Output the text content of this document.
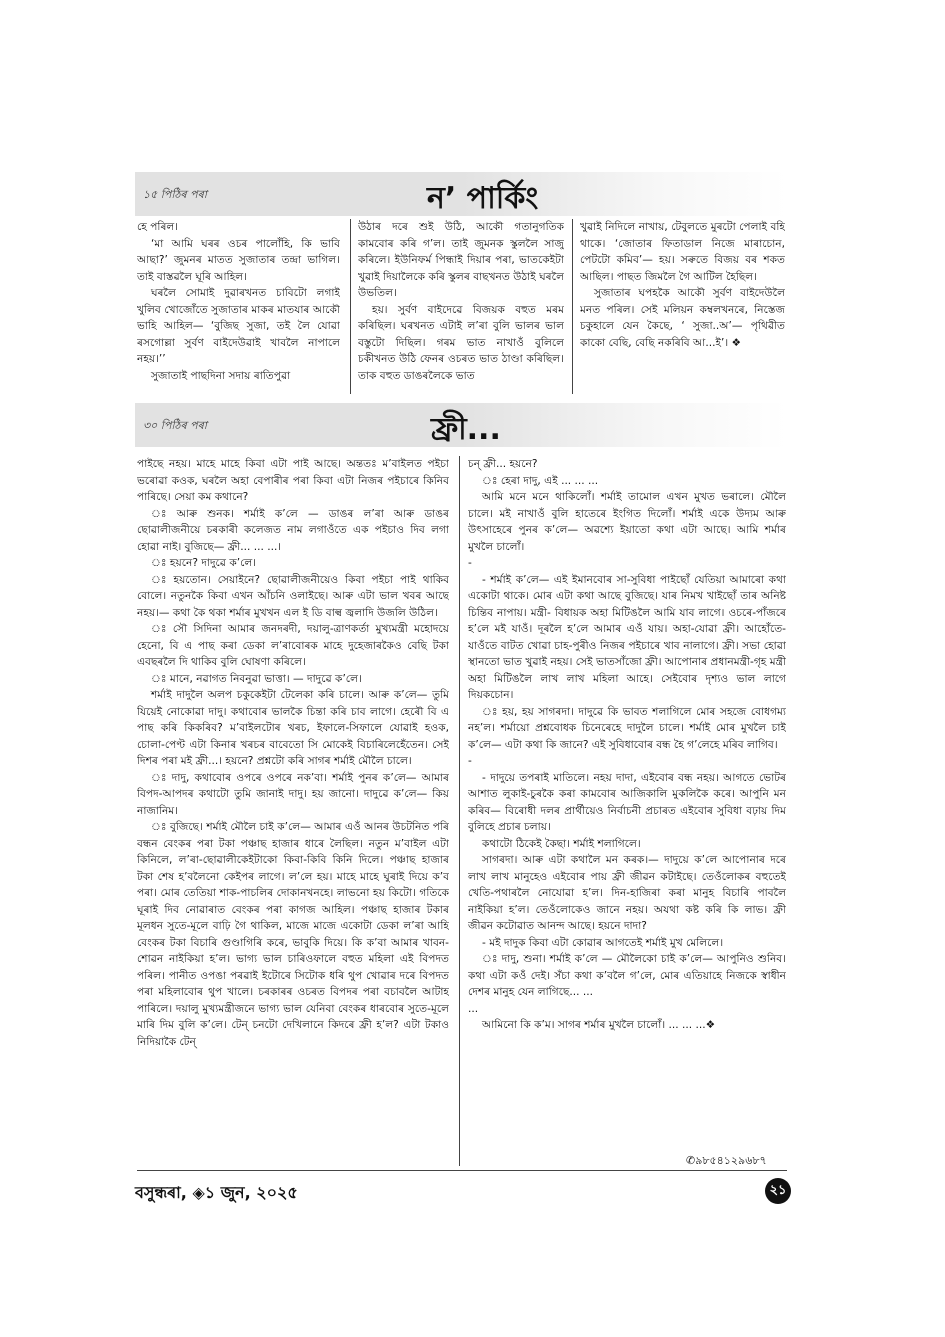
১৫ পিঠিৰ পৰা	ন’ পাৰ্কিং

হে পৰিল।

‘মা আমি ঘৰৰ ওচৰ পালোঁহি, কি ভাবি আছা?’ জুমনৰ মাতত সুজাতাৰ তন্দ্ৰা ভাগিল। তাই বাস্তৱলৈ ঘূৰি আহিল।

ঘৰলৈ সোমাই দুৱাৰখনত চাবিটো লগাই খুলিব খোজোঁতে সুজাতাৰ মাকৰ মাতযাৰ আকৌ ভাহি আহিল— ‘বুজিছ সুজা, তই লৈ যোৱা ৰসগোল্লা সুৰ্বণ বাইদেউৱাই খাবলৈ নাপালে নহয়।’’

সুজাতাই পাছদিনা সদায় ৰাতিপুৱা

উঠাৰ দৰে শুই উঠি, আকৌ গতানুগতিক কামবোৰ কৰি গ’ল। তাই জুমনক স্কুললৈ সাজু কৰিলে। ইউনিফৰ্ম পিন্ধাই দিয়াৰ পৰা, ভাতকেইটা খুৱাই দিয়ালৈকে কৰি স্কুলৰ বাছখনত উঠাই ঘৰলৈ উভতিল।

হয়। সুৰ্বণ বাইদেৱে বিজয়ক বহুত মৰম কৰিছিল। ঘৰখনত এটাই ল’ৰা বুলি ভালৰ ভাল বস্তুটো দিছিল। গৰম ভাত নাখাওঁ বুলিলে চকীখনত উঠি ফেনৰ ওচৰত ভাত ঠাণ্ডা কৰিছিল। তাক বহুত ডাঙৰলৈকে ভাত

খুৱাই নিদিলে নাখায়, টেবুলতে মুৰটো পেলাই বহি থাকে। ‘জোতাৰ ফিতাডাল নিজে মাৰাচোন, পেটটো কমিব’— হয়। সৰুতে বিজয় বৰ শকত আছিল। পাছত জিমলৈ গৈ আটিল হৈছিল।

সুজাতাৰ ঘপহকৈ আকৌ সুৰ্বণ বাইদেউলৈ মনত পৰিল। সেই মলিয়ন কম্বলখনৰে, নিস্তেজ চকুহালে যেন কৈছে, ‘ সুজা..অ’— পৃথিৱীত কাকো বেছি, বেছি নকৰিবি আ...ই’। ❖

৩০ পিঠিৰ পৰা	ফ্ৰী...

পাইছে নহয়। মাহে মাহে কিবা এটা পাই আছে। অন্ততঃ মʼবাইলত পইচা ভৰোৱা কওক, ঘৰলৈ অহা বেপাৰীৰ পৰা কিবা এটা নিজৰ পইচাৰে কিনিব পাৰিছে। সেয়া কম কথানে?

ঃ আৰু শুনক। শৰ্মাই ক’লে — ডাঙৰ ল’ৰা আৰু ডাঙৰ ছোৱালীজনীয়ে চৰকাৰী কলেজত নাম লগাওঁতে এক পইচাও দিব লগা হোৱা নাই। বুজিছে— ফ্ৰী... ... ...।

ঃ হয়নে? দাদুৱে ক’লে।

ঃ হয়তোন। সেয়াইনে? ছোৱালীজনীয়েও কিবা পইচা পাই থাকিব বোলে। নতুনকৈ কিবা এখন আঁচনি ওলাইছে। আৰু এটা ভাল খবৰ আছে নহয়।— কথা কৈ থকা শৰ্মাৰ মুখখন এল ই ডি বাল্ব জ্বলাদি উজলি উঠিল।

ঃ সৌ সিদিনা আমাৰ জনদৰদী, দয়ালু-ত্ৰাণকৰ্তা মুখ্যমন্ত্ৰী মহোদয়ে হেনো, বি এ পাছ কৰা ডেকা ল’ৰাবোৰক মাহে দুহেজাৰকৈও বেছি টকা এবছৰলৈ দি থাকিব বুলি ঘোষণা কৰিলে।

ঃ মানে, নৱাগত নিবনুৱা ভাত্তা। — দাদুৱে ক’লে।

শৰ্মাই দাদুলৈ অলপ চকুকেইটা টেলেকা কৰি চালে। আৰু ক’লে— তুমি যিয়েই নোকোৱা দাদু। কথাবোৰ ভালকৈ চিন্তা কৰি চাব লাগে। হেৰৌ বি এ পাছ কৰি কিকৰিব? মʼবাইলটোৰ খৰচ, ইফালে-সিফালে যোৱাই হওক, চোলা-পেণ্ট এটা কিনাৰ খৰচৰ বাবেতো সি মোকেই বিচাৰিলেহেঁতেন। সেই দিশৰ পৰা মই ফ্ৰী...। হয়নে? প্ৰশ্নটো কৰি সাগৰ শৰ্মাই মৌলৈ চালে।

ঃ দাদু, কথাবোৰ ওপৰে ওপৰে নক’বা। শৰ্মাই পুনৰ ক’লে— আমাৰ বিপদ-আপদৰ কথাটো তুমি জানাই দাদু। হয় জানো। দাদুৱে ক’লে— কিয় নাজানিম।

ঃ বুজিছে। শৰ্মাই মৌলৈ চাই ক’লে— আমাৰ এওঁ আনৰ উচটনিত পৰি বন্ধন বেংকৰ পৰা টকা পঞ্চাছ হাজাৰ ধাৰে লৈছিল। নতুন মʼবাইল এটা কিনিলে, ল’ৰা-ছোৱালীকেইটাকো কিবা-কিবি কিনি দিলে। পঞ্চাছ হাজাৰ টকা শেষ হ’বলৈনো কেইপৰ লাগে। ল’লে হয়। মাহে মাহে ঘুৰাই দিয়ে ক’ব পৰা। মোৰ তেতিয়া শাক-পাচলিৰ দোকানখনহে। লাভনো হয় কিটো। গতিকে ঘূৰাই দিব নোৱাৰাত বেংকৰ পৰা কাগজ আহিল। পঞ্চাছ হাজাৰ টকাৰ মূলধন সুতে-মূলে বাঢ়ি গৈ থাকিল, মাজে মাজে একোটা ডেকা ল’ৰা আহি বেংকৰ টকা বিচাৰি গুণ্ডাগিৰি কৰে, ভাবুকি দিয়ে। কি ক’বা আমাৰ খাবন-শোৱন নাইকিয়া হ’ল। ভাগ্য ভাল চাৰিওফালে বহুত মহিলা এই বিপদত পৰিল। পানীত ওপঙা পৰৱাই ইটোৰে সিটোক ধৰি থুপ খোৱাৰ দৰে বিপদত পৰা মহিলাবোৰ থুপ খালে। চৰকাৰৰ ওচৰত বিপদৰ পৰা বচাবলৈ আটাহ পাৰিলে। দয়ালু মুখ্যমন্ত্ৰীজনে ভাগ্য ভাল যেনিবা বেংকৰ ধাৰবোৰ সুতে-মূলে মাৰি দিম বুলি ক’লে। টেন্‌ চনটো দেখিলানে কিদৰে ফ্ৰী হ’ল? এটা টকাও নিদিয়াকৈ টেন্

চন্‌ ফ্ৰী... হয়নে?

ঃ হেৰা দাদু, এই ... ... ...

আমি মনে মনে থাকিলোঁ। শৰ্মাই তামোল এখন মুখত ভৰালে। মৌলৈ চালে। মই নাখাওঁ বুলি হাতেৰে ইংগিত দিলোঁ। শৰ্মাই একে উদ্যম আৰু উৎসাহেৰে পুনৰ ক’লে— অৱশ্যে ইয়াতো কথা এটা আছে। আমি শৰ্মাৰ মুখলৈ চালোঁ।

-

- শৰ্মাই ক’লে— এই ইমানবোৰ সা-সুবিধা পাইছোঁ যেতিয়া আমাৰো কথা একোটা থাকে। মোৰ এটা কথা আছে বুজিছে। যাৰ নিমখ খাইছোঁ তাৰ অনিষ্ট চিন্তিব নাপায়। মন্ত্ৰী- বিধায়ক অহা মিটিঙলৈ আমি যাব লাগে। ওচৰে-পাঁজৰে হ’লে মই যাওঁ। দূৰলৈ হ’লে আমাৰ এওঁ যায়। অহা-যোৱা ফ্ৰী। আহোঁতে-যাওঁতে বাটত খোৱা চাহ-পুৰীও নিজৰ পইচাৰে খাব নালাগে। ফ্ৰী। সভা হোৱা স্থানতো ভাত খুৱাই নহয়। সেই ভাতসাঁজো ফ্ৰী। আপোনাৰ প্ৰধানমন্ত্ৰী-গৃহ মন্ত্ৰী অহা মিটিঙলৈ লাখ লাখ মহিলা আহে। সেইবোৰ দৃশ্যও ভাল লাগে দিয়কচোন।

ঃ হয়, হয় সাগৰদা। দাদুৱে কি ভাবত শলাগিলে মোৰ সহজে বোধগম্য নহ’ল। শৰ্মায়ো প্ৰশ্নবোধক চিনেৰেহে দাদুলৈ চালে। শৰ্মাই মোৰ মুখলৈ চাই ক’লে— এটা কথা কি জানে? এই সুবিধাবোৰ বন্ধ হৈ গ’লেহে মৰিব লাগিব।

-

- দাদুয়ে তপৰাই মাতিলে। নহয় দাদা, এইবোৰ বন্ধ নহয়। আগতে ভোটৰ আশাত লুকাই-চুৰকৈ কৰা কামবোৰ আজিকালি মুকলিকৈ কৰে। আপুনি মন কৰিব— বিৰোধী দলৰ প্ৰাৰ্থীয়েও নিৰ্বাচনী প্ৰচাৰত এইবোৰ সুবিধা বঢ়ায় দিম বুলিহে প্ৰচাৰ চলায়।

কথাটো ঠিকেই কৈছা। শৰ্মাই শলাগিলে।

সাগৰদা। আৰু এটা কথালৈ মন কৰক।— দাদুয়ে ক’লে আপোনাৰ দৰে লাখ লাখ মানুহেও এইবোৰ পায় ফ্ৰী জীৱন কটাইছে। তেওঁলোকৰ বহুতেই খেতি-পথাৰলৈ নোযোৱা হ’ল। দিন-হাজিৰা কৰা মানুহ বিচাৰি পাবলৈ নাইকিয়া হ’ল। তেওঁলোকেও জানে নহয়। অযথা কষ্ট কৰি কি লাভ। ফ্ৰী জীৱন কটোৱাত আনন্দ আছে। হয়নে দাদা?

- মই দাদুক কিবা এটা কোৱাৰ আগতেই শৰ্মাই মুখ মেলিলে।

ঃ দাদু, শুনা। শৰ্মাই ক’লে — মৌলৈকো চাই ক’লে— আপুনিও শুনিব। কথা এটা কওঁ দেই। সঁচা কথা ক’বলৈ গ’লে, মোৰ এতিয়াহে নিজকে স্বাধীন দেশৰ মানুহ যেন লাগিছে... ...

...

আমিনো কি ক’ম। সাগৰ শৰ্মাৰ মুখলৈ চালোঁ। ... ... ...❖

✆৯৮৫৪১২৯৬৮৭
বসুন্ধৰা, ◈১ জুন, ২০২৫	২১
